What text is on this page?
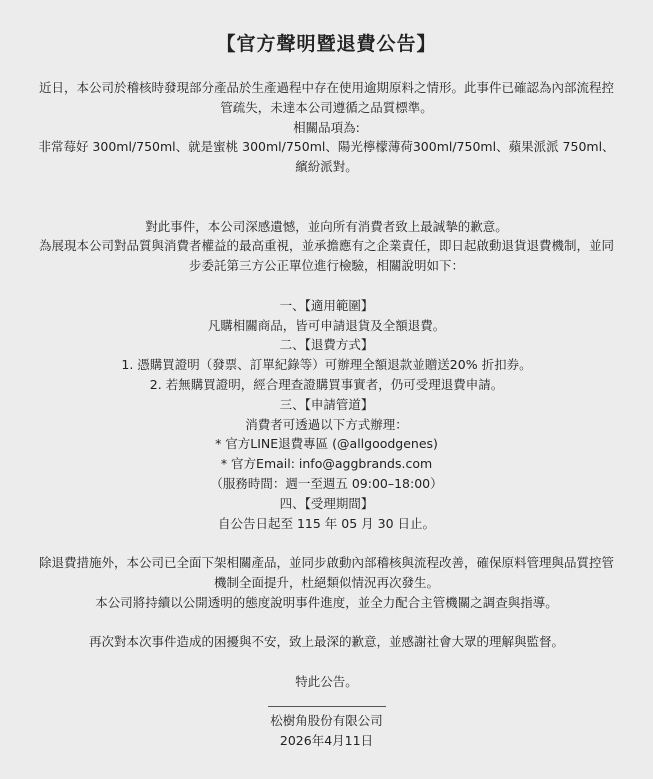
【官方聲明暨退費公告】

近日，本公司於稽核時發現部分產品於生產過程中存在使用逾期原料之情形。此事件已確認為內部流程控管疏失，未達本公司遵循之品質標準。

相關品項為:

非常莓好 300ml/750ml、就是蜜桃 300ml/750ml、陽光檸檬薄荷300ml/750ml、蘋果派派 750ml、繽紛派對。

對此事件，本公司深感遺憾，並向所有消費者致上最誠摯的歉意。

為展現本公司對品質與消費者權益的最高重視，並承擔應有之企業責任，即日起啟動退貨退費機制，並同步委託第三方公正單位進行檢驗，相關說明如下：

一、【適用範圍】

凡購相關商品，皆可申請退貨及全額退費。

二、【退費方式】

1. 憑購買證明（發票、訂單紀錄等）可辦理全額退款並贈送20% 折扣券。

2. 若無購買證明，經合理查證購買事實者，仍可受理退費申請。

三、【申請管道】

消費者可透過以下方式辦理：

* 官方LINE退費專區 (@allgoodgenes)

* 官方Email: info@aggbrands.com

（服務時間：週一至週五 09:00–18:00）

四、【受理期間】

自公告日起至 115 年 05 月 30 日止。

除退費措施外，本公司已全面下架相關產品，並同步啟動內部稽核與流程改善，確保原料管理與品質控管機制全面提升，杜絕類似情況再次發生。

本公司將持續以公開透明的態度說明事件進度，並全力配合主管機關之調查與指導。

再次對本次事件造成的困擾與不安，致上最深的歉意，並感謝社會大眾的理解與監督。

特此公告。

松樹角股份有限公司

2026年4月11日
